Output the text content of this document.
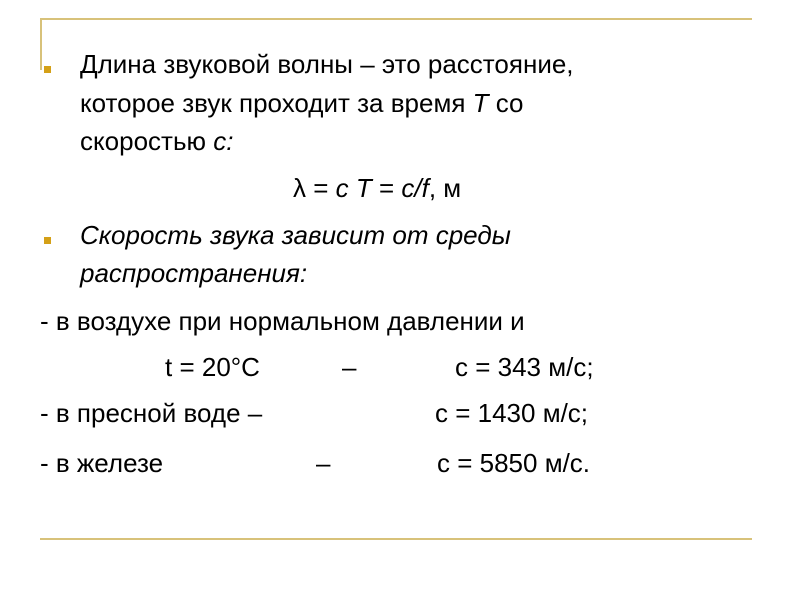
Длина звуковой волны – это расстояние,
которое звук проходит за время T со
скоростью c:
λ = c T = c/f, м
Скорость звука зависит от среды
распространения:
- в воздухе при нормальном давлении и
t = 20°C	–	c = 343 м/с;
- в пресной воде –	c = 1430 м/с;
- в железе	–	c = 5850 м/с.
